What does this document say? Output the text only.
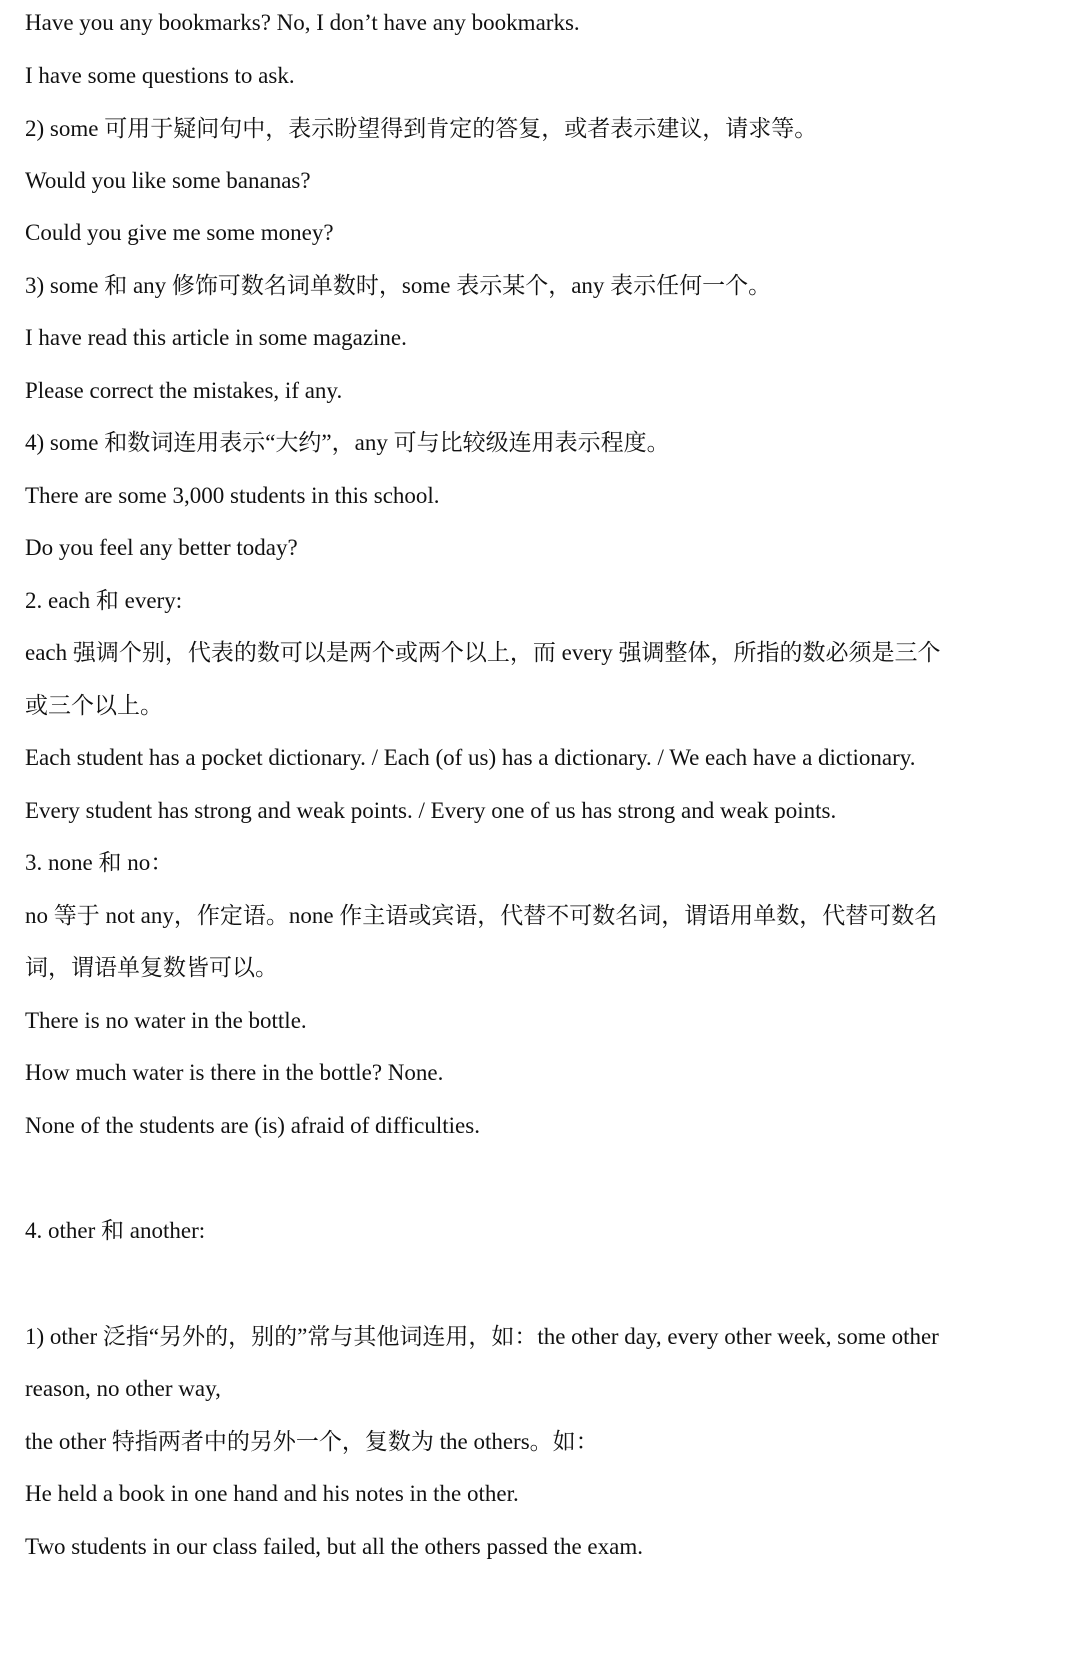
Have you any bookmarks? No, I don’t have any bookmarks.

I have some questions to ask.

2) some 可用于疑问句中，表示盼望得到肯定的答复，或者表示建议，请求等。

Would you like some bananas?

Could you give me some money?

3) some 和 any 修饰可数名词单数时，some 表示某个，any 表示任何一个。

I have read this article in some magazine.

Please correct the mistakes, if any.

4) some 和数词连用表示“大约”，any 可与比较级连用表示程度。

There are some 3,000 students in this school.

Do you feel any better today?

2. each 和 every:

each 强调个别，代表的数可以是两个或两个以上，而 every 强调整体，所指的数必须是三个

或三个以上。

Each student has a pocket dictionary. / Each (of us) has a dictionary. / We each have a dictionary.

Every student has strong and weak points. / Every one of us has strong and weak points.

3. none 和 no：

no 等于 not any，作定语。none 作主语或宾语，代替不可数名词，谓语用单数，代替可数名

词，谓语单复数皆可以。

There is no water in the bottle.

How much water is there in the bottle? None.

None of the students are (is) afraid of difficulties.

4. other 和 another:

1) other 泛指“另外的，别的”常与其他词连用，如：the other day, every other week, some other

reason, no other way,

the other 特指两者中的另外一个，复数为 the others。如：

He held a book in one hand and his notes in the other.

Two students in our class failed, but all the others passed the exam.
